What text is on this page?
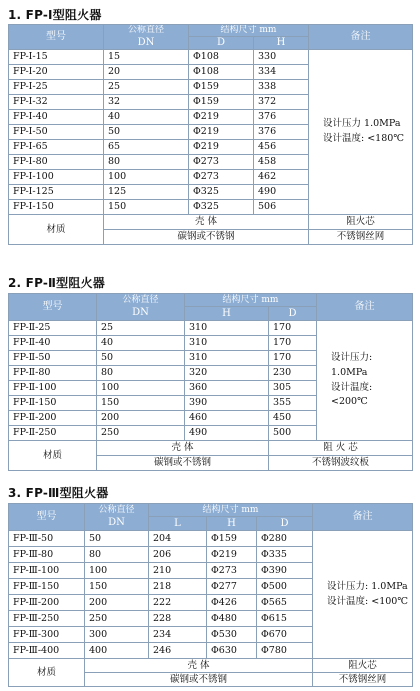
1. FP-Ⅰ型阻火器
型号	公称直径	结构尺寸 mm		备注
	DN	D	H	
FP-Ⅰ-15	15	Φ108	330	设计压力 1.0MPa
设计温度: <180℃

FP-Ⅰ-20	20	Φ108	334	
FP-Ⅰ-25	25	Φ159	338	
FP-Ⅰ-32	32	Φ159	372	
FP-Ⅰ-40	40	Φ219	376	
FP-Ⅰ-50	50	Φ219	376	
FP-Ⅰ-65	65	Φ219	456	
FP-Ⅰ-80	80	Φ273	458	
FP-Ⅰ-100	100	Φ273	462	
FP-Ⅰ-125	125	Φ325	490	
FP-Ⅰ-150	150	Φ325	506	
材质	壳 体			阻火芯
	碳钢或不锈钢			不锈钢丝网
2. FP-Ⅱ型阻火器
型号	公称直径	结构尺寸 mm		备注
	DN	H	D	
FP-Ⅱ-25	25	310	170	设计压力: 1.0MPa
设计温度: <200℃

FP-Ⅱ-40	40	310	170	
FP-Ⅱ-50	50	310	170	
FP-Ⅱ-80	80	320	230	
FP-Ⅱ-100	100	360	305	
FP-Ⅱ-150	150	390	355	
FP-Ⅱ-200	200	460	450	
FP-Ⅱ-250	250	490	500	
材质	壳 体		阻 火 芯	
	碳钢或不锈钢		不锈钢波纹板	
3. FP-Ⅲ型阻火器
型号	公称直径	结构尺寸 mm			备注
	DN	L	H	D	
FP-Ⅲ-50	50	204	Φ159	Φ280	设计压力: 1.0MPa
设计温度: <100℃

FP-Ⅲ-80	80	206	Φ219	Φ335	
FP-Ⅲ-100	100	210	Φ273	Φ390	
FP-Ⅲ-150	150	218	Φ277	Φ500	
FP-Ⅲ-200	200	222	Φ426	Φ565	
FP-Ⅲ-250	250	228	Φ480	Φ615	
FP-Ⅲ-300	300	234	Φ530	Φ670	
FP-Ⅲ-400	400	246	Φ630	Φ780	
材质	壳 体				阻火芯
	碳钢或不锈钢				不锈钢丝网
